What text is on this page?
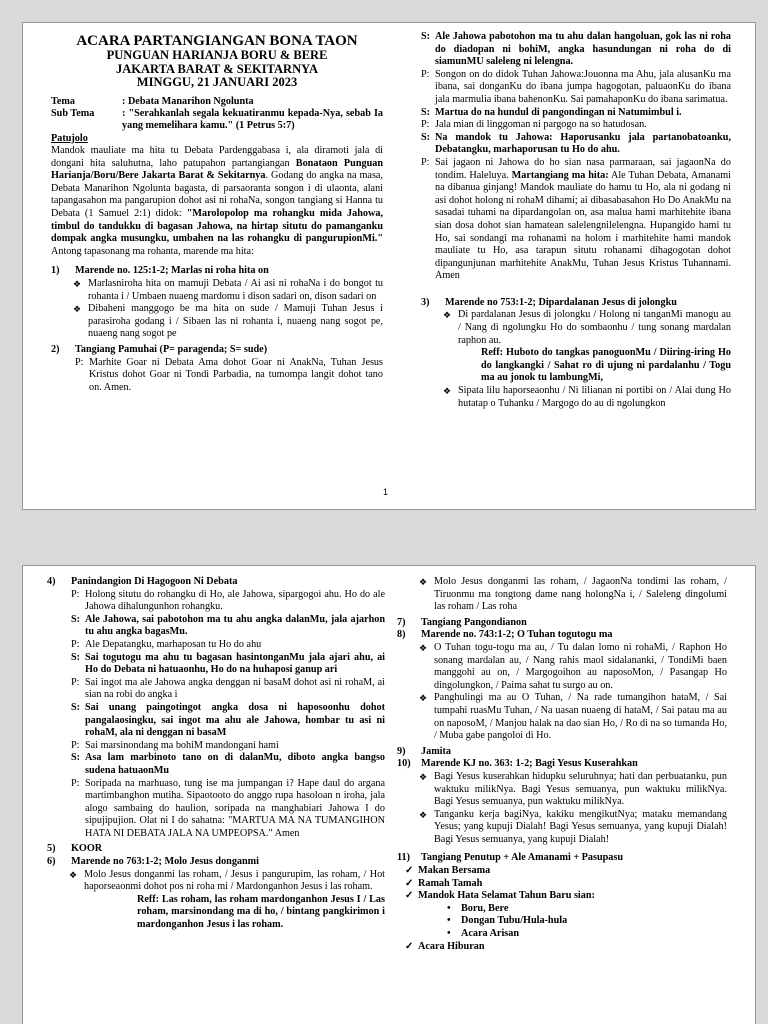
ACARA PARTANGIANGAN BONA TAON
PUNGUAN HARIANJA BORU & BERE
JAKARTA BARAT & SEKITARNYA
MINGGU, 21 JANUARI 2023
Tema	: Debata Manarihon Ngolunta
Sub Tema	: "Serahkanlah segala kekuatiranmu kepada-Nya, sebab Ia yang memelihara kamu." (1 Petrus 5:7)
Patujolo

Mandok mauliate ma hita tu Debata Pardenggabasa i, ala diramoti jala di dongani hita saluhutna, laho patupahon partangiangan Bonataon Punguan Harianja/Boru/Bere Jakarta Barat & Sekitarnya. Godang do angka na masa, Debata Manarihon Ngolunta bagasta, di parsaoranta songon i di ulaonta, alani tapangasahon ma pangarupion dohot asi ni rohaNa, songon tangiang si Hanna tu Debata (1 Samuel 2:1) didok: "Marolopolop ma rohangku mida Jahowa, timbul do tandukku di bagasan Jahowa, na hirtap situtu do pamanganku dompak angka musungku, umbahen na las rohangku di pangurupionMi." Antong tapasonang ma rohanta, marende ma hita:

1)	Marende no. 125:1-2; Marlas ni roha hita on
❖ Marlasniroha hita on mamuji Debata / Ai asi ni rohaNa i do bongot tu rohanta i / Umbaen nuaeng mardomu i dison sadari on, dison sadari on
❖ Dibaheni manggogo be ma hita on sude / Mamuji Tuhan Jesus i parasiroha godang i / Sibaen las ni rohanta i, nuaeng nang sogot pe, nuaeng nang sogot pe
2)	Tangiang Pamuhai (P= paragenda; S= sude)
P: Marhite Goar ni Debata Ama dohot Goar ni AnakNa, Tuhan Jesus Kristus dohot Goar ni Tondi Parbadia, na tumompa langit dohot tano on. Amen.
S: Ale Jahowa pabotohon ma tu ahu dalan hangoluan, gok las ni roha do diadopan ni bohiM, angka hasundungan ni roha do di siamunMU saleleng ni lelengna.
P: Songon on do didok Tuhan Jahowa:Jouonna ma Ahu, jala alusanKu ma ibana, sai donganKu do ibana jumpa hagogotan, paluaonKu do ibana jala marmulia ibana bahenonKu. Sai pamahaponKu do ibana sarimatua.
S: Martua do na hundul di pangondingan ni Natumimbul i.
P: Jala mian di linggoman ni pargogo na so hatudosan.
S: Na mandok tu Jahowa: Haporusanku jala partanobatoanku, Debatangku, marhaporusan tu Ho do ahu.
P: Sai jagaon ni Jahowa do ho sian nasa parmaraan, sai jagaonNa do tondim. Haleluya. Martangiang ma hita: Ale Tuhan Debata, Amanami na dibanua ginjang! Mandok mauliate do hamu tu Ho, ala ni godang ni asi dohot holong ni rohaM dihami; ai dibasabasahon Ho Do AnakMu na sasadai tuhami na dipardangolan on, asa malua hami marhitehite ibana sian dosa dohot sian hamatean salelengnilelengna. Hupangido hami tu Ho, sai sondangi ma rohanami na holom i marhitehite hami mandok mauliate tu Ho, asa tarapun situtu rohanami dihagogotan dohot dipangunjunan marhitehite AnakMu, Tuhan Jesus Kristus Tuhannami. Amen
3)	Marende no 753:1-2; Dipardalanan Jesus di jolongku
❖ Di pardalanan Jesus di jolongku / Holong ni tanganMi manogu au / Nang di ngolungku Ho do sombaonhu / tung sonang mardalan raphon au.
Reff: Huboto do tangkas panoguonMu / Diiring-iring Ho do langkangki / Sahat ro di ujung ni pardalanhu / Togu ma au jonok tu lambungMi,
❖ Sipata lilu haporseaonhu / Ni lilianan ni portibi on / Alai dung Ho hutatap o Tuhanku / Margogo do au di ngolungkon
1
4)	Panindangion Di Hagogoon Ni Debata
P: Holong situtu do rohangku di Ho, ale Jahowa, sipargogoi ahu. Ho do ale Jahowa dihalungunhon rohangku.
S: Ale Jahowa, sai pabotohon ma tu ahu angka dalanMu, jala ajarhon tu ahu angka bagasMu.
P: Ale Depatangku, marhaposan tu Ho do ahu
S: Sai togutogu ma ahu tu bagasan hasintonganMu jala ajari ahu, ai Ho do Debata ni hatuaonhu, Ho do na huhaposi ganup ari
P: Sai ingot ma ale Jahowa angka denggan ni basaM dohot asi ni rohaM, ai sian na robi do angka i
S: Sai unang paingotingot angka dosa ni haposoonhu dohot pangalaosingku, sai ingot ma ahu ale Jahowa, hombar tu asi ni rohaM, ala ni denggan ni basaM
P: Sai marsinondang ma bohiM mandongani hami
S: Asa lam marbinoto tano on di dalanMu, diboto angka bangso sudena hatuaonMu
P: Soripada na marhuaso, tung ise ma jumpangan i? Hape daul do argana martimbanghon mutiha. Sipaotooto do anggo rupa hasoloan n iroha, jala alogo sambaing do haulion, soripada na manghabiari Jahowa I do sipujipujion. Olat ni I do sahatna: "MARTUA MA NA TUMANGIHON HATA NI DEBATA JALA NA UMPEOPSA." Amen
5)	KOOR
6)	Marende no 763:1-2; Molo Jesus donganmi
❖ Molo Jesus donganmi las roham, / Jesus i pangurupim, las roham, / Hot haporseaonmi dohot pos ni roha mi / Mardonganhon Jesus i las roham.
Reff: Las roham, las roham mardonganhon Jesus I / Las roham, marsinondang ma di ho, / bintang pangkirimon i mardonganhon Jesus i las roham.
❖ Molo Jesus donganmi las roham, / JagaonNa tondimi las roham, / Tiruonmu ma tongtong dame nang holongNa i, / Saleleng dingolumi las roham / Las roha
7)	Tangiang Pangondianon
8)	Marende no. 743:1-2; O Tuhan togutogu ma
❖ O Tuhan togu-togu ma au, / Tu dalan lomo ni rohaMi, / Raphon Ho sonang mardalan au, / Nang rahis maol sidalananki, / TondiMi baen manggohi au on, / Margogoihon au naposoMon, / Pasangap Ho dingolungkon, / Paima sahat tu surgo au on.
❖ Panghulingi ma au O Tuhan, / Na rade tumangihon hataM, / Sai tumpahi ruasMu Tuhan, / Na uasan nuaeng di hataM, / Sai patau ma au on naposoM, / Manjou halak na dao sian Ho, / Ro di na so tumanda Ho, / Muba gabe pangoloi di Ho.
9)	Jamita
10)	Marende KJ no. 363: 1-2; Bagi Yesus Kuserahkan
❖ Bagi Yesus kuserahkan hidupku seluruhnya; hati dan perbuatanku, pun waktuku milikNya. Bagi Yesus semuanya, pun waktuku milikNya. Bagi Yesus semuanya, pun waktuku milikNya.
❖ Tanganku kerja bagiNya, kakiku mengikutNya; mataku memandang Yesus; yang kupuji Dialah! Bagi Yesus semuanya, yang kupuji Dialah! Bagi Yesus semuanya, yang kupuji Dialah!
11)	Tangiang Penutup + Ale Amanami + Pasupasu
✓ Makan Bersama
✓ Ramah Tamah
✓ Mandok Hata Selamat Tahun Baru sian:
•	Boru, Bere
•	Dongan Tubu/Hula-hula
•	Acara Arisan
✓ Acara Hiburan
